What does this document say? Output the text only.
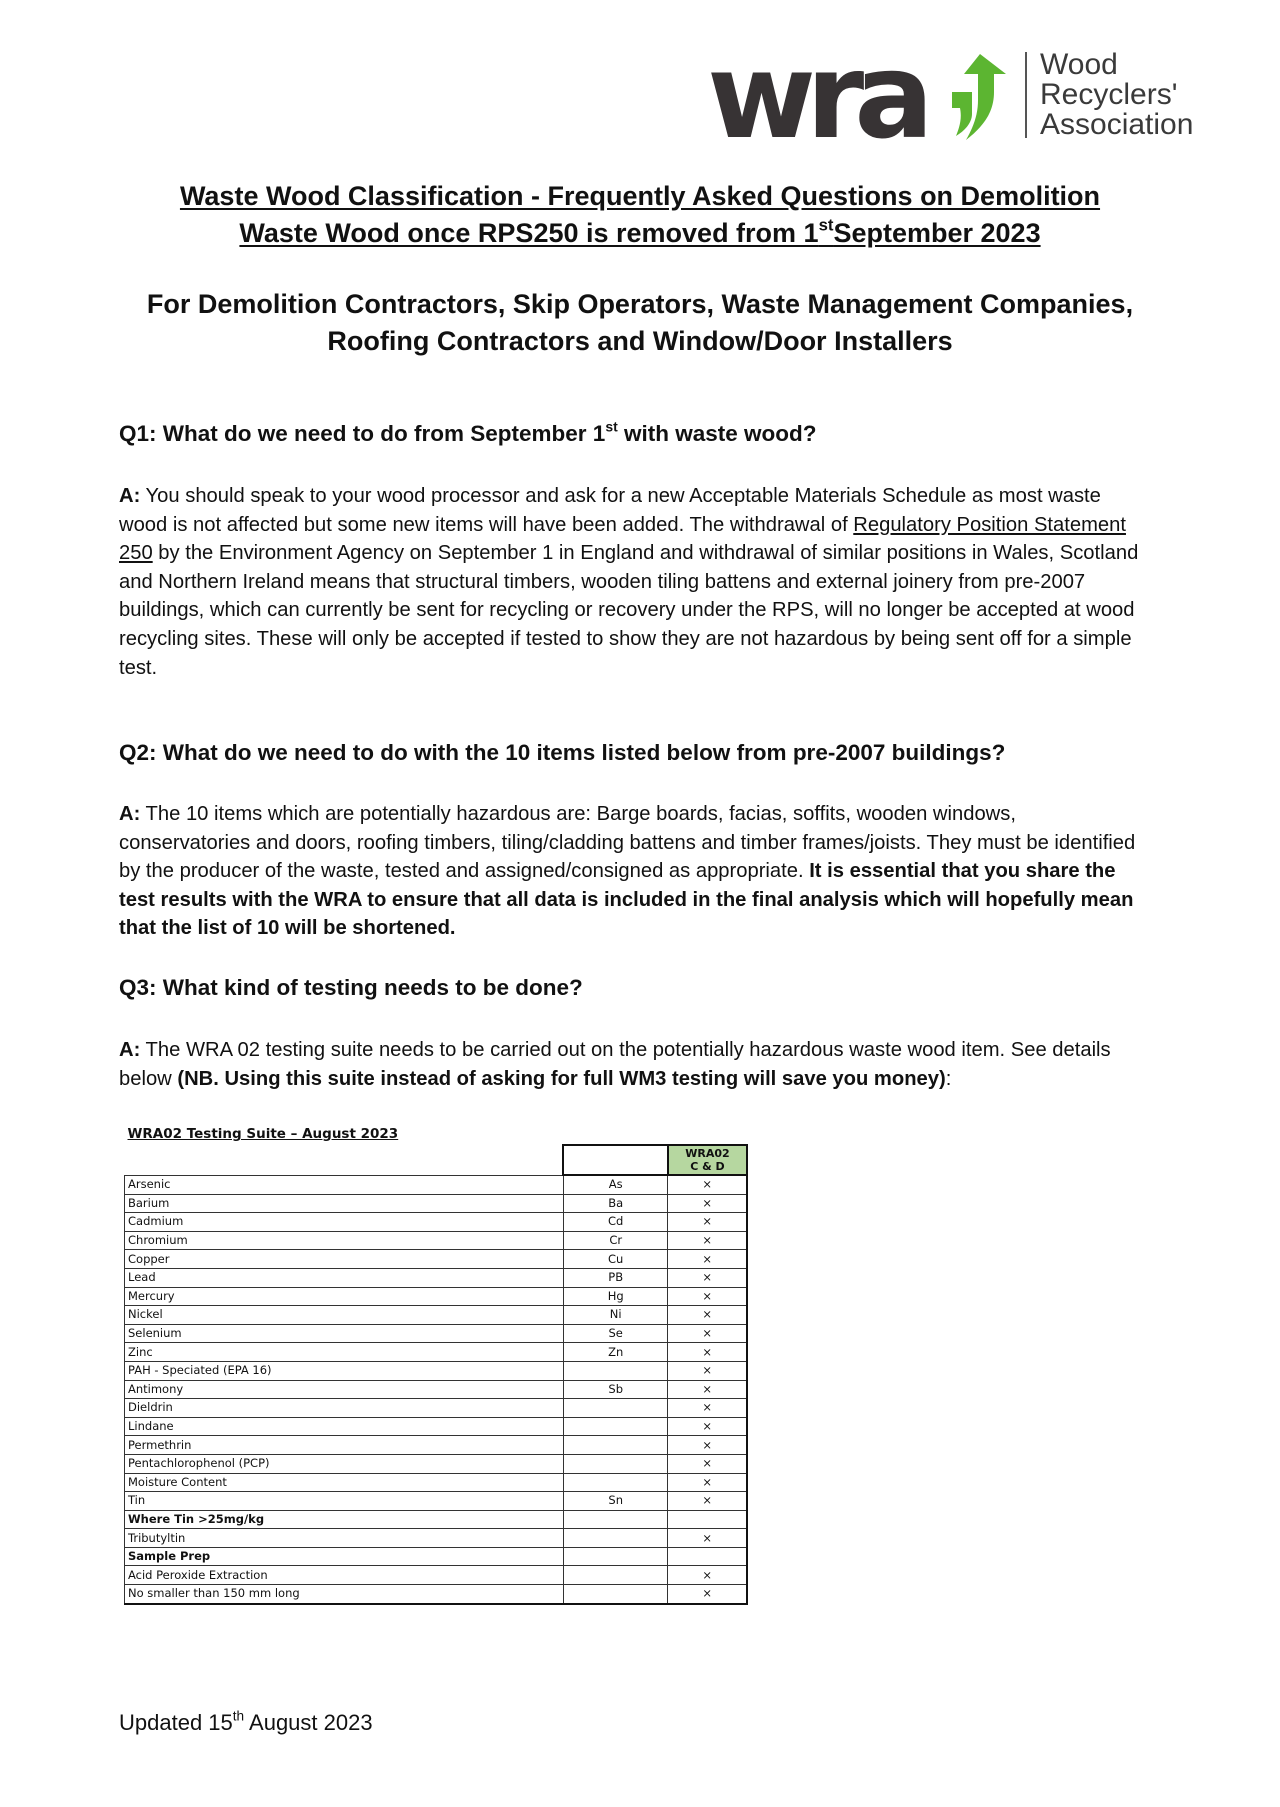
wra	Wood
Recyclers'
Association
Waste Wood Classification - Frequently Asked Questions on Demolition
Waste Wood once RPS250 is removed from 1stSeptember 2023
For Demolition Contractors, Skip Operators, Waste Management Companies,
Roofing Contractors and Window/Door Installers
Q1: What do we need to do from September 1st with waste wood?
A: You should speak to your wood processor and ask for a new Acceptable Materials Schedule as most waste wood is not affected but some new items will have been added. The withdrawal of Regulatory Position Statement 250 by the Environment Agency on September 1 in England and withdrawal of similar positions in Wales, Scotland and Northern Ireland means that structural timbers, wooden tiling battens and external joinery from pre-2007 buildings, which can currently be sent for recycling or recovery under the RPS, will no longer be accepted at wood recycling sites. These will only be accepted if tested to show they are not hazardous by being sent off for a simple test.
Q2: What do we need to do with the 10 items listed below from pre-2007 buildings?
A: The 10 items which are potentially hazardous are: Barge boards, facias, soffits, wooden windows, conservatories and doors, roofing timbers, tiling/cladding battens and timber frames/joists. They must be identified by the producer of the waste, tested and assigned/consigned as appropriate. It is essential that you share the test results with the WRA to ensure that all data is included in the final analysis which will hopefully mean that the list of 10 will be shortened.
Q3: What kind of testing needs to be done?
A: The WRA 02 testing suite needs to be carried out on the potentially hazardous waste wood item. See details below (NB. Using this suite instead of asking for full WM3 testing will save you money):
WRA02 Testing Suite – August 2023		
		WRA02
C & D
Arsenic	As	×
Barium	Ba	×
Cadmium	Cd	×
Chromium	Cr	×
Copper	Cu	×
Lead	PB	×
Mercury	Hg	×
Nickel	Ni	×
Selenium	Se	×
Zinc	Zn	×
PAH - Speciated (EPA 16)		×
Antimony	Sb	×
Dieldrin		×
Lindane		×
Permethrin		×
Pentachlorophenol (PCP)		×
Moisture Content		×
Tin	Sn	×
Where Tin >25mg/kg		
Tributyltin		×
Sample Prep		
Acid Peroxide Extraction		×
No smaller than 150 mm long		×
Updated 15th August 2023
